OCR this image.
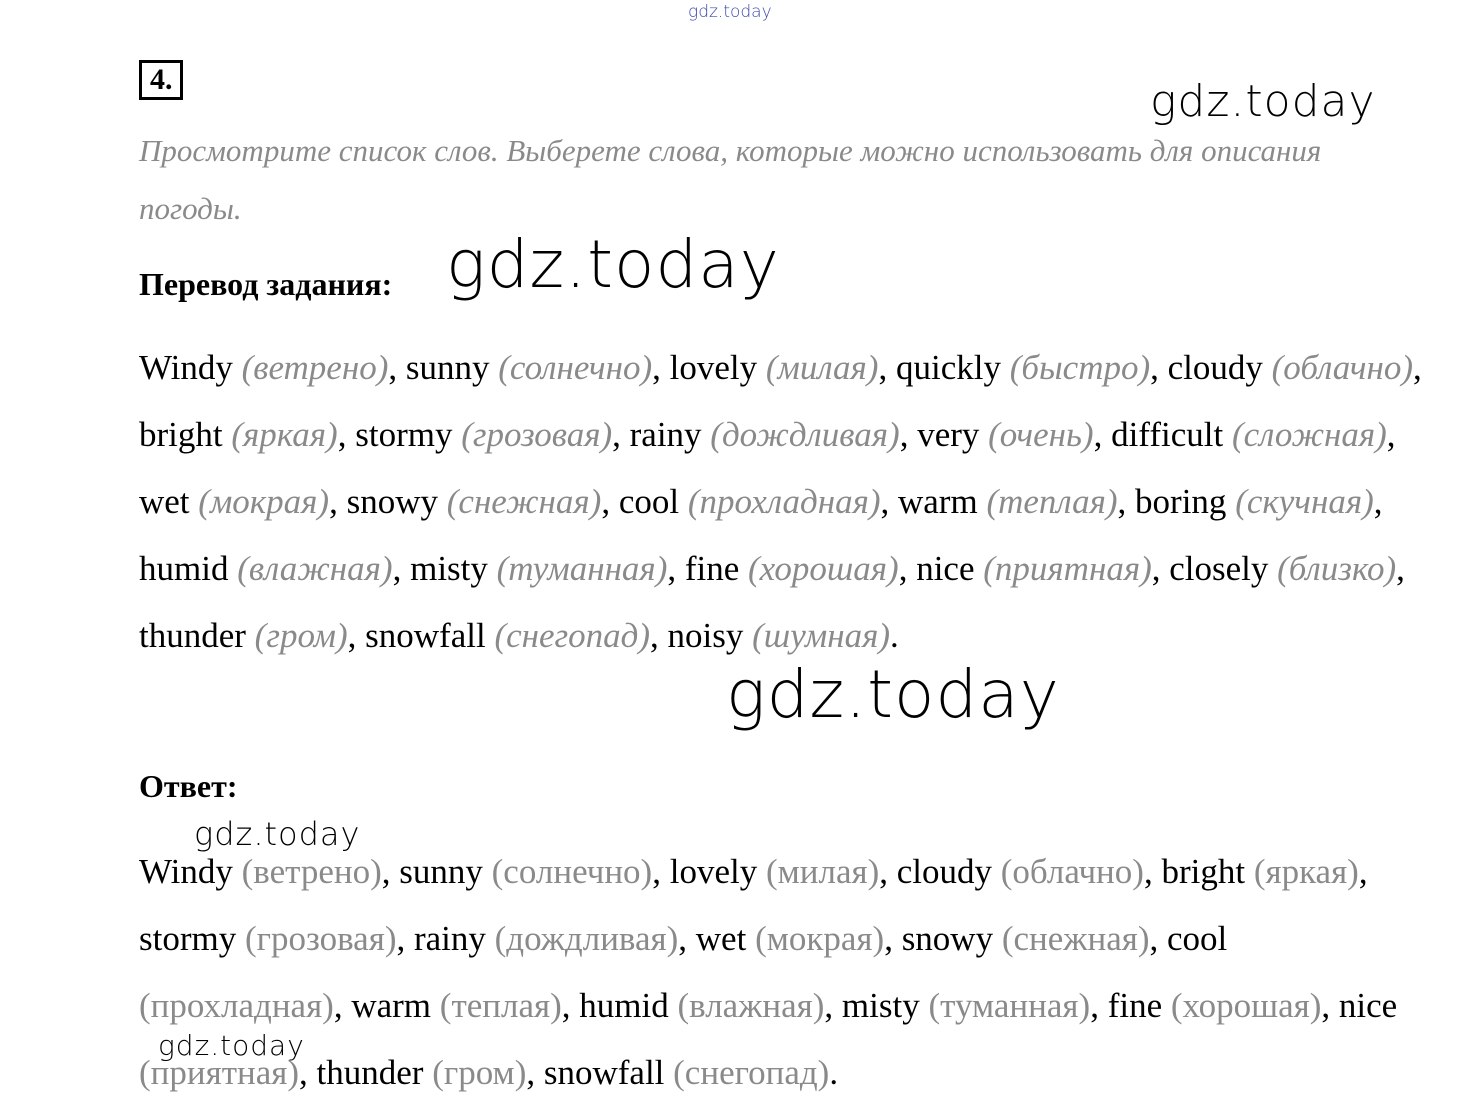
gdz.today
gdz.today
4.

Просмотрите список слов. Выберете слова, которые можно использовать для описания погоды.

Перевод задания: gdz.today

Windy (ветрено), sunny (солнечно), lovely (милая), quickly (быстро), cloudy (облачно), bright (яркая), stormy (грозовая), rainy (дождливая), very (очень), difficult (сложная), wet (мокрая), snowy (снежная), cool (прохладная), warm (теплая), boring (скучная), humid (влажная), misty (туманная), fine (хорошая), nice (приятная), closely (близко), thunder (гром), snowfall (снегопад), noisy (шумная).

gdz.today

Ответ:

gdz.today

Windy (ветрено), sunny (солнечно), lovely (милая), cloudy (облачно), bright (яркая), stormy (грозовая), rainy (дождливая), wet (мокрая), snowy (снежная), cool (прохладная), warm (теплая), humid (влажная), misty (туманная), fine (хорошая), nice (приятная), thunder (гром), snowfall (снегопад).

gdz.today
